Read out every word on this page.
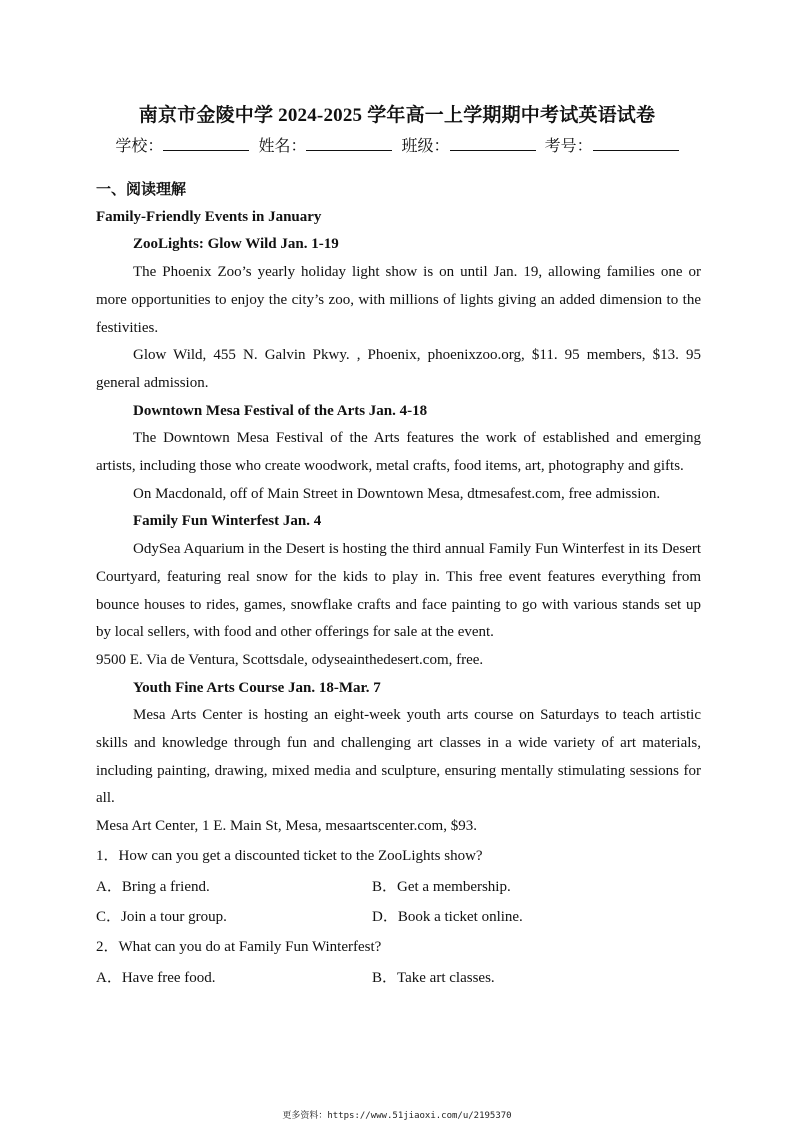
南京市金陵中学 2024-2025 学年高一上学期期中考试英语试卷
学校：	姓名：	班级：	考号：

一、阅读理解

Family-Friendly Events in January

ZooLights: Glow Wild Jan. 1-19

The Phoenix Zoo’s yearly holiday light show is on until Jan. 19, allowing families one or more opportunities to enjoy the city’s zoo, with millions of lights giving an added dimension to the festivities.

Glow Wild, 455 N. Galvin Pkwy. , Phoenix, phoenixzoo.org, $11. 95 members, $13. 95 general admission.

Downtown Mesa Festival of the Arts Jan. 4-18

The Downtown Mesa Festival of the Arts features the work of established and emerging artists, including those who create woodwork, metal crafts, food items, art, photography and gifts.

On Macdonald, off of Main Street in Downtown Mesa, dtmesafest.com, free admission.

Family Fun Winterfest Jan. 4

OdySea Aquarium in the Desert is hosting the third annual Family Fun Winterfest in its Desert Courtyard, featuring real snow for the kids to play in. This free event features everything from bounce houses to rides, games, snowflake crafts and face painting to go with various stands set up by local sellers, with food and other offerings for sale at the event.

9500 E. Via de Ventura, Scottsdale, odyseainthedesert.com, free.

Youth Fine Arts Course Jan. 18-Mar. 7

Mesa Arts Center is hosting an eight-week youth arts course on Saturdays to teach artistic skills and knowledge through fun and challenging art classes in a wide variety of art materials, including painting, drawing, mixed media and sculpture, ensuring mentally stimulating sessions for all.

Mesa Art Center, 1 E. Main St, Mesa, mesaartscenter.com, $93.

1．How can you get a discounted ticket to the ZooLights show?

A．Bring a friend.	B．Get a membership.
C．Join a tour group.	D．Book a ticket online.

2．What can you do at Family Fun Winterfest?

A．Have free food.	B．Take art classes.
更多资料：https://www.51jiaoxi.com/u/2195370
